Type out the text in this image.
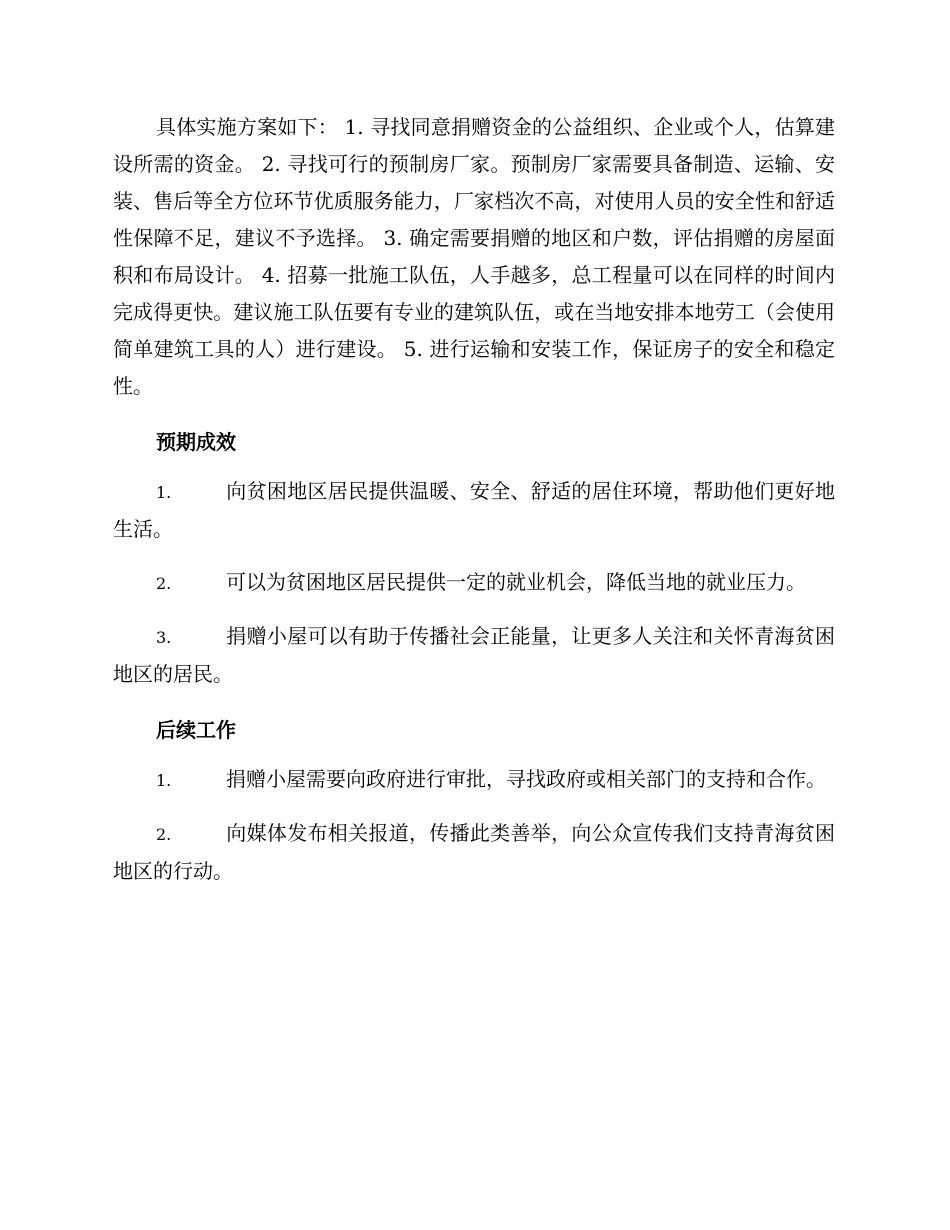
具体实施方案如下： 1. 寻找同意捐赠资金的公益组织、企业或个人，估算建设所需的资金。 2. 寻找可行的预制房厂家。预制房厂家需要具备制造、运输、安装、售后等全方位环节优质服务能力，厂家档次不高，对使用人员的安全性和舒适性保障不足，建议不予选择。 3. 确定需要捐赠的地区和户数，评估捐赠的房屋面积和布局设计。 4. 招募一批施工队伍，人手越多，总工程量可以在同样的时间内完成得更快。建议施工队伍要有专业的建筑队伍，或在当地安排本地劳工（会使用简单建筑工具的人）进行建设。 5. 进行运输和安装工作，保证房子的安全和稳定性。

预期成效

1.	向贫困地区居民提供温暖、安全、舒适的居住环境，帮助他们更好地生活。

2.	可以为贫困地区居民提供一定的就业机会，降低当地的就业压力。

3.	捐赠小屋可以有助于传播社会正能量，让更多人关注和关怀青海贫困地区的居民。

后续工作

1.	捐赠小屋需要向政府进行审批，寻找政府或相关部门的支持和合作。

2.	向媒体发布相关报道，传播此类善举，向公众宣传我们支持青海贫困地区的行动。
